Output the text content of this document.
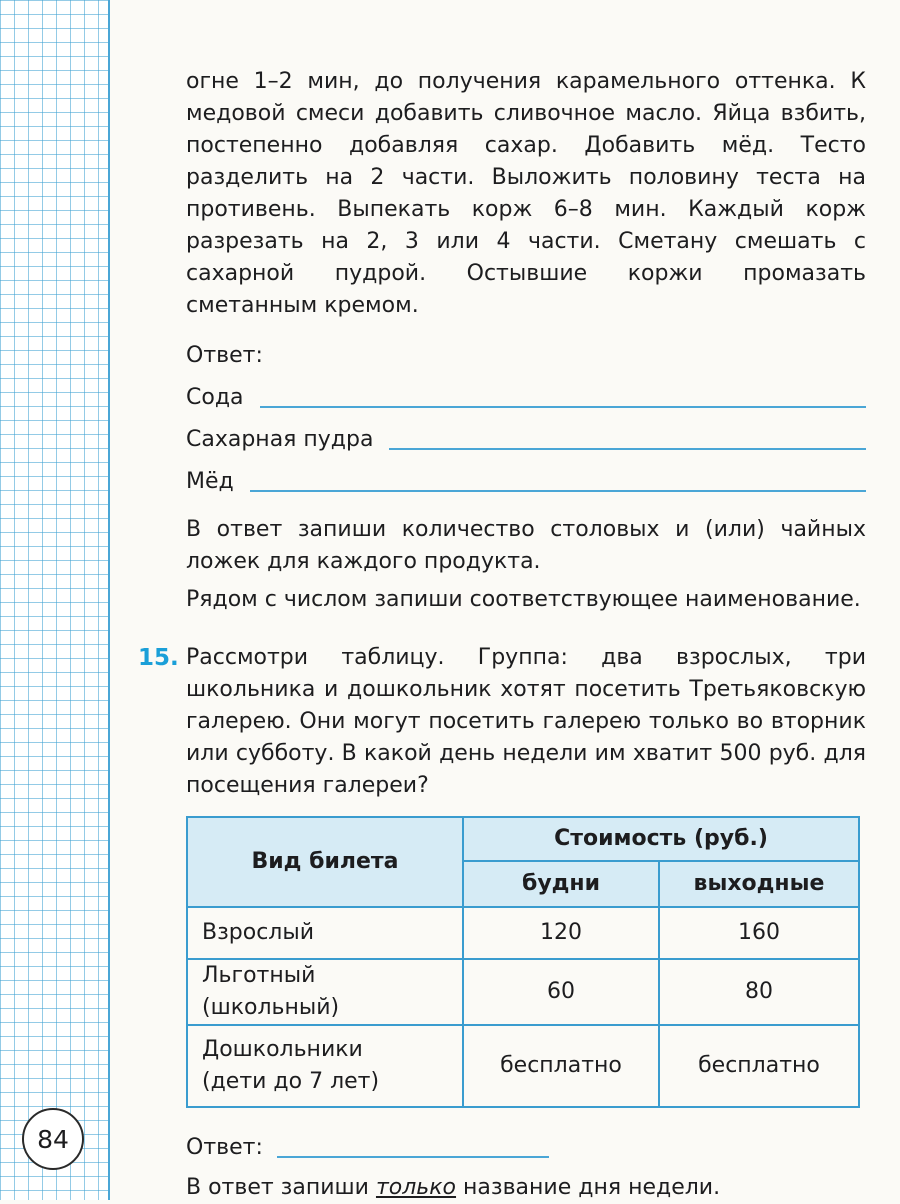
84

огне 1–2 мин, до получения карамельного оттенка. К медовой смеси добавить сливочное масло. Яйца взбить, постепенно добавляя сахар. Добавить мёд. Тесто разделить на 2 части. Выложить половину теста на противень. Выпекать корж 6–8 мин. Каждый корж разрезать на 2, 3 или 4 части. Сметану смешать с сахарной пудрой. Остывшие коржи промазать сметанным кремом.

Ответ:
Сода
Сахарная пудра
Мёд

В ответ запиши количество столовых и (или) чайных ложек для каждого продукта.

Рядом с числом запиши соответствующее наименование.

15. Рассмотри таблицу. Группа: два взрослых, три школьника и дошкольник хотят посетить Третьяковскую галерею. Они могут посетить галерею только во вторник или субботу. В какой день недели им хватит 500 руб. для посещения галереи?

Вид билета	Стоимость (руб.)	
	будни	выходные
Взрослый	120	160
Льготный (школьный)	60	80

Дошкольники
(дети до 7 лет)	бесплатно	бесплатно
Ответ:

В ответ запиши только название дня недели.
